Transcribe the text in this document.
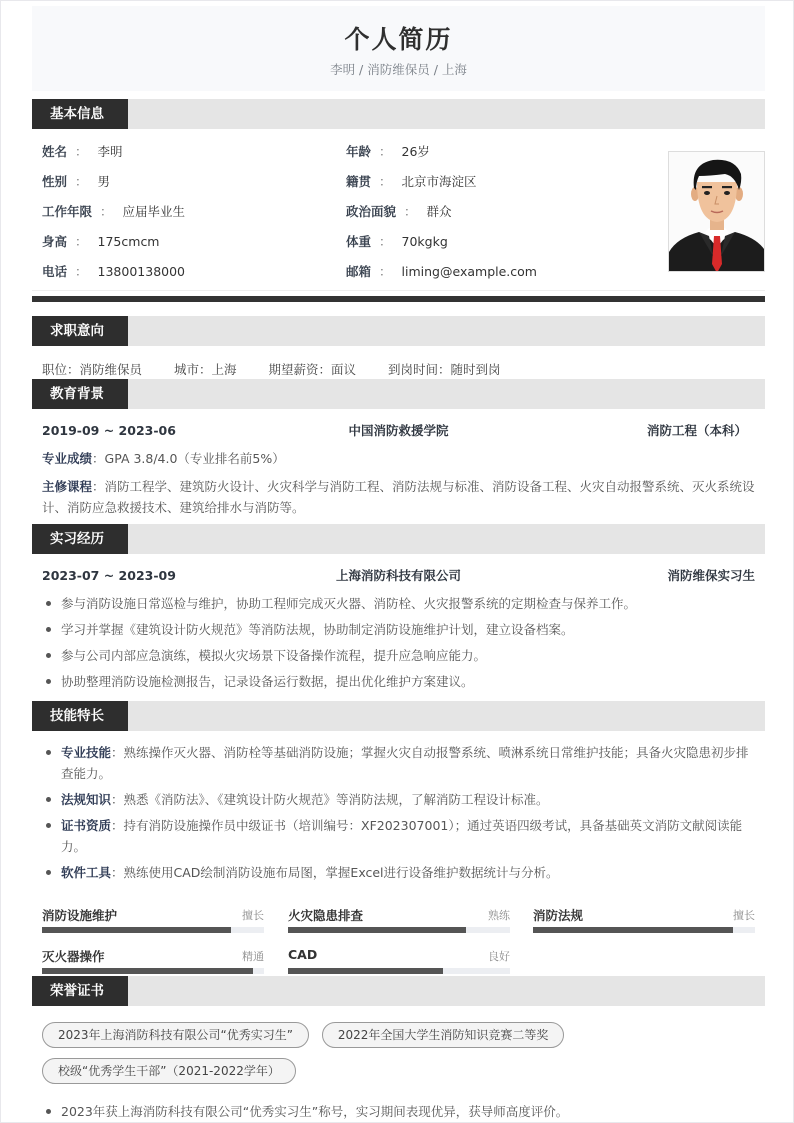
个人简历
李明 / 消防维保员 / 上海
基本信息
姓名 ： 李明
性别 ： 男
工作年限 ： 应届毕业生
身高 ： 175cmcm
电话 ： 13800138000
年龄 ： 26岁
籍贯 ： 北京市海淀区
政治面貌 ： 群众
体重 ： 70kgkg
邮箱 ： liming@example.com
求职意向
职位：消防维保员	城市：上海	期望薪资：面议	到岗时间：随时到岗
教育背景
2019-09 ~ 2023-06	中国消防救援学院	消防工程（本科）
专业成绩：GPA 3.8/4.0（专业排名前5%）
主修课程：消防工程学、建筑防火设计、火灾科学与消防工程、消防法规与标准、消防设备工程、火灾自动报警系统、灭火系统设计、消防应急救援技术、建筑给排水与消防等。
实习经历
2023-07 ~ 2023-09	上海消防科技有限公司	消防维保实习生
参与消防设施日常巡检与维护，协助工程师完成灭火器、消防栓、火灾报警系统的定期检查与保养工作。
学习并掌握《建筑设计防火规范》等消防法规，协助制定消防设施维护计划，建立设备档案。
参与公司内部应急演练，模拟火灾场景下设备操作流程，提升应急响应能力。
协助整理消防设施检测报告，记录设备运行数据，提出优化维护方案建议。
技能特长
专业技能：熟练操作灭火器、消防栓等基础消防设施；掌握火灾自动报警系统、喷淋系统日常维护技能；具备火灾隐患初步排查能力。
法规知识：熟悉《消防法》、《建筑设计防火规范》等消防法规，了解消防工程设计标准。
证书资质：持有消防设施操作员中级证书（培训编号：XF202307001）；通过英语四级考试，具备基础英文消防文献阅读能力。
软件工具：熟练使用CAD绘制消防设施布局图，掌握Excel进行设备维护数据统计与分析。
消防设施维护	擅长 火灾隐患排查	熟练 消防法规	擅长
灭火器操作	精通 CAD	良好
荣誉证书
2023年上海消防科技有限公司“优秀实习生”	2022年全国大学生消防知识竞赛二等奖 校级“优秀学生干部”（2021-2022学年）
2023年获上海消防科技有限公司“优秀实习生”称号，实习期间表现优异，获导师高度评价。
